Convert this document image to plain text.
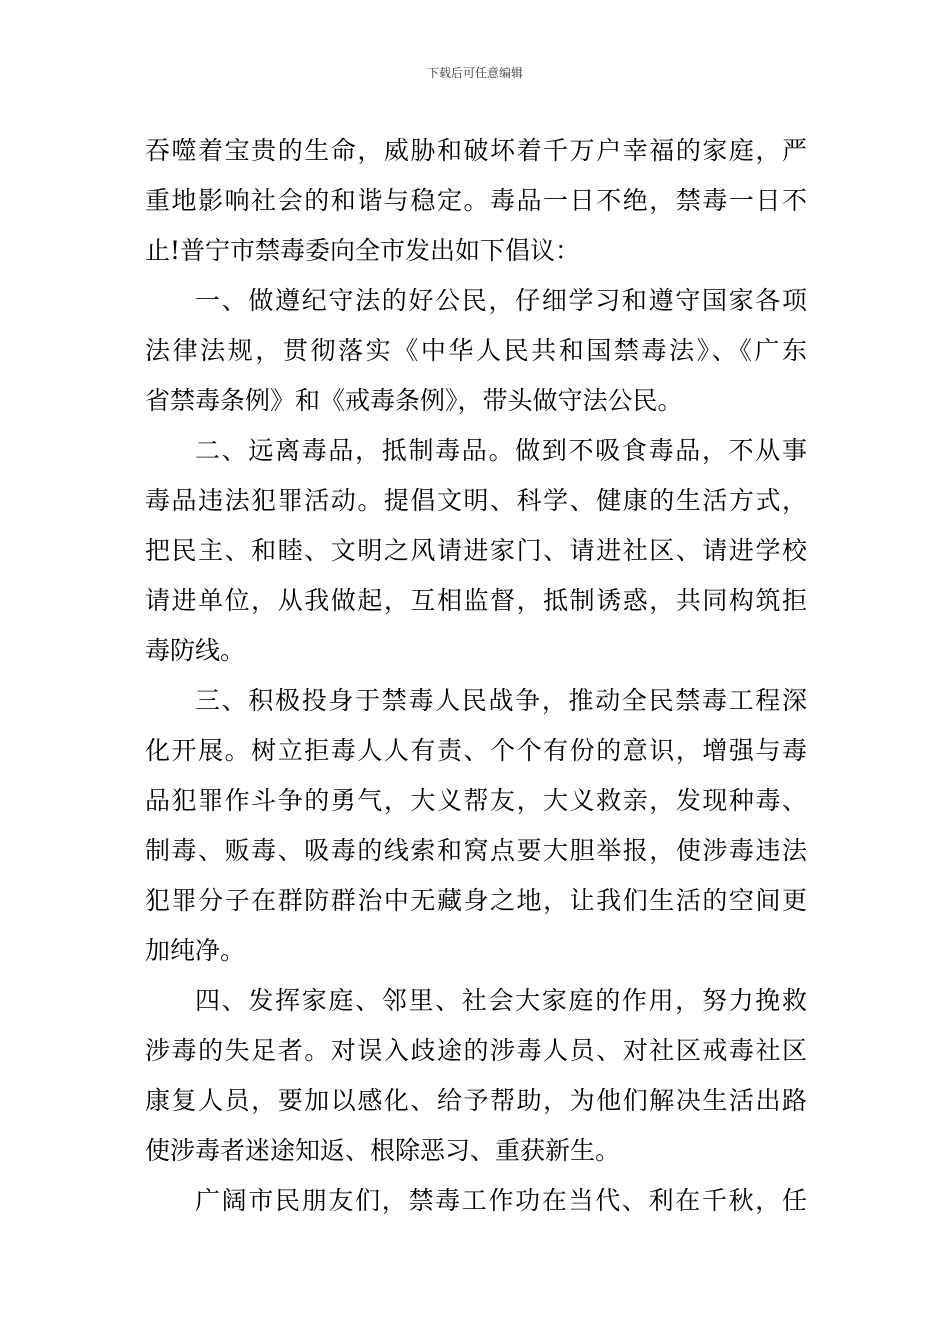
下载后可任意编辑
吞噬着宝贵的生命，威胁和破坏着千万户幸福的家庭，严
重地影响社会的和谐与稳定。毒品一日不绝，禁毒一日不
止!普宁市禁毒委向全市发出如下倡议：
一、做遵纪守法的好公民，仔细学习和遵守国家各项
法律法规，贯彻落实《中华人民共和国禁毒法》、《广东
省禁毒条例》和《戒毒条例》，带头做守法公民。
二、远离毒品，抵制毒品。做到不吸食毒品，不从事
毒品违法犯罪活动。提倡文明、科学、健康的生活方式，
把民主、和睦、文明之风请进家门、请进社区、请进学校
请进单位，从我做起，互相监督，抵制诱惑，共同构筑拒
毒防线。
三、积极投身于禁毒人民战争，推动全民禁毒工程深
化开展。树立拒毒人人有责、个个有份的意识，增强与毒
品犯罪作斗争的勇气，大义帮友，大义救亲，发现种毒、
制毒、贩毒、吸毒的线索和窝点要大胆举报，使涉毒违法
犯罪分子在群防群治中无藏身之地，让我们生活的空间更
加纯净。
四、发挥家庭、邻里、社会大家庭的作用，努力挽救
涉毒的失足者。对误入歧途的涉毒人员、对社区戒毒社区
康复人员，要加以感化、给予帮助，为他们解决生活出路
使涉毒者迷途知返、根除恶习、重获新生。
广阔市民朋友们，禁毒工作功在当代、利在千秋，任
